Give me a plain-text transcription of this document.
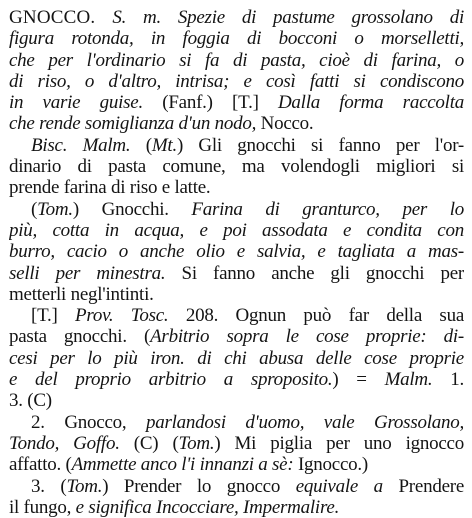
GNOCCO. S. m. Spezie di pastume grossolano di
figura rotonda, in foggia di bocconi o morselletti,
che per l'ordinario si fa di pasta, cioè di farina, o
di riso, o d'altro, intrisa; e così fatti si condiscono
in varie guise. (Fanf.) [T.] Dalla forma raccolta
che rende somiglianza d'un nodo, Nocco.
Bisc. Malm. (Mt.) Gli gnocchi si fanno per l'or-
dinario di pasta comune, ma volendogli migliori si
prende farina di riso e latte.
(Tom.) Gnocchi. Farina di granturco, per lo
più, cotta in acqua, e poi assodata e condita con
burro, cacio o anche olio e salvia, e tagliata a mas-
selli per minestra. Si fanno anche gli gnocchi per
metterli negl'intinti.
[T.] Prov. Tosc. 208. Ognun può far della sua
pasta gnocchi. (Arbitrio sopra le cose proprie: di-
cesi per lo più iron. di chi abusa delle cose proprie
e del proprio arbitrio a sproposito.) = Malm. 1.
3. (C)
2. Gnocco, parlandosi d'uomo, vale Grossolano,
Tondo, Goffo. (C) (Tom.) Mi piglia per uno ignocco
affatto. (Ammette anco l'i innanzi a sè: Ignocco.)
3. (Tom.) Prender lo gnocco equivale a Prendere
il fungo, e significa Incocciare, Impermalire.
